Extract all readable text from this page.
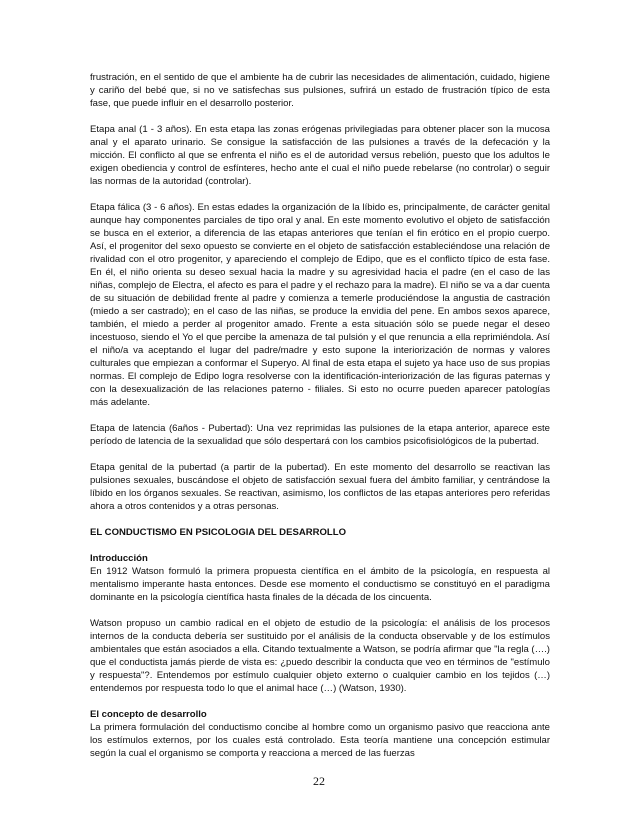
frustración, en el sentido de que el ambiente ha de cubrir las necesidades de alimentación, cuidado, higiene y cariño del bebé que, si no ve satisfechas sus pulsiones, sufrirá un estado de frustración típico de esta fase, que puede influir en el desarrollo posterior.

Etapa anal (1 - 3 años). En esta etapa las zonas erógenas privilegiadas para obtener placer son la mucosa anal y el aparato urinario. Se consigue la satisfacción de las pulsiones a través de la defecación y la micción. El conflicto al que se enfrenta el niño es el de autoridad versus rebelión, puesto que los adultos le exigen obediencia y control de esfínteres, hecho ante el cual el niño puede rebelarse (no controlar) o seguir las normas de la autoridad (controlar).

Etapa fálica (3 - 6 años). En estas edades la organización de la líbido es, principalmente, de carácter genital aunque hay componentes parciales de tipo oral y anal. En este momento evolutivo el objeto de satisfacción se busca en el exterior, a diferencia de las etapas anteriores que tenían el fin erótico en el propio cuerpo. Así, el progenitor del sexo opuesto se convierte en el objeto de satisfacción estableciéndose una relación de rivalidad con el otro progenitor, y apareciendo el complejo de Edipo, que es el conflicto típico de esta fase. En él, el niño orienta su deseo sexual hacia la madre y su agresividad hacia el padre (en el caso de las niñas, complejo de Electra, el afecto es para el padre y el rechazo para la madre). El niño se va a dar cuenta de su situación de debilidad frente al padre y comienza a temerle produciéndose la angustia de castración (miedo a ser castrado); en el caso de las niñas, se produce la envidia del pene. En ambos sexos aparece, también, el miedo a perder al progenitor amado. Frente a esta situación sólo se puede negar el deseo incestuoso, siendo el Yo el que percibe la amenaza de tal pulsión y el que renuncia a ella reprimiéndola. Así el niño/a va aceptando el lugar del padre/madre y esto supone la interiorización de normas y valores culturales que empiezan a conformar el Superyo. Al final de esta etapa el sujeto ya hace uso de sus propias normas. El complejo de Edipo logra resolverse con la identificación-interiorización de las figuras paternas y con la desexualización de las relaciones paterno - filiales. Si esto no ocurre pueden aparecer patologías más adelante.

Etapa de latencia (6años - Pubertad): Una vez reprimidas las pulsiones de la etapa anterior, aparece este período de latencia de la sexualidad que sólo despertará con los cambios psicofisiológicos de la pubertad.

Etapa genital de la pubertad (a partir de la pubertad). En este momento del desarrollo se reactivan las pulsiones sexuales, buscándose el objeto de satisfacción sexual fuera del ámbito familiar, y centrándose la líbido en los órganos sexuales. Se reactivan, asimismo, los conflictos de las etapas anteriores pero referidas ahora a otros contenidos y a otras personas.

EL CONDUCTISMO EN PSICOLOGIA DEL DESARROLLO

Introducción

En 1912 Watson formuló la primera propuesta científica en el ámbito de la psicología, en respuesta al mentalismo imperante hasta entonces. Desde ese momento el conductismo se constituyó en el paradigma dominante en la psicología científica hasta finales de la década de los cincuenta.

Watson propuso un cambio radical en el objeto de estudio de la psicología: el análisis de los procesos internos de la conducta debería ser sustituido por el análisis de la conducta observable y de los estímulos ambientales que están asociados a ella. Citando textualmente a Watson, se podría afirmar que "la regla (….) que el conductista jamás pierde de vista es: ¿puedo describir la conducta que veo en términos de "estímulo y respuesta"?. Entendemos por estímulo cualquier objeto externo o cualquier cambio en los tejidos (…) entendemos por respuesta todo lo que el animal hace (…) (Watson, 1930).

El concepto de desarrollo

La primera formulación del conductismo concibe al hombre como un organismo pasivo que reacciona ante los estímulos externos, por los cuales está controlado. Esta teoría mantiene una concepción estimular según la cual el organismo se comporta y reacciona a merced de las fuerzas

22
